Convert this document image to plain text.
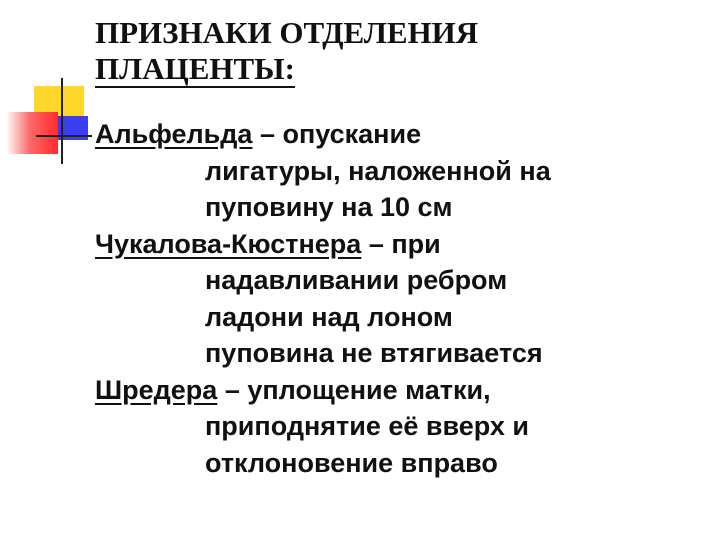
ПРИЗНАКИ ОТДЕЛЕНИЯ
ПЛАЦЕНТЫ:
Альфельда – опускание
лигатуры, наложенной на
пуповину на 10 см
Чукалова-Кюстнера – при
надавливании ребром
ладони над лоном
пуповина не втягивается
Шредера – уплощение матки,
приподнятие её вверх и
отклоновение вправо
